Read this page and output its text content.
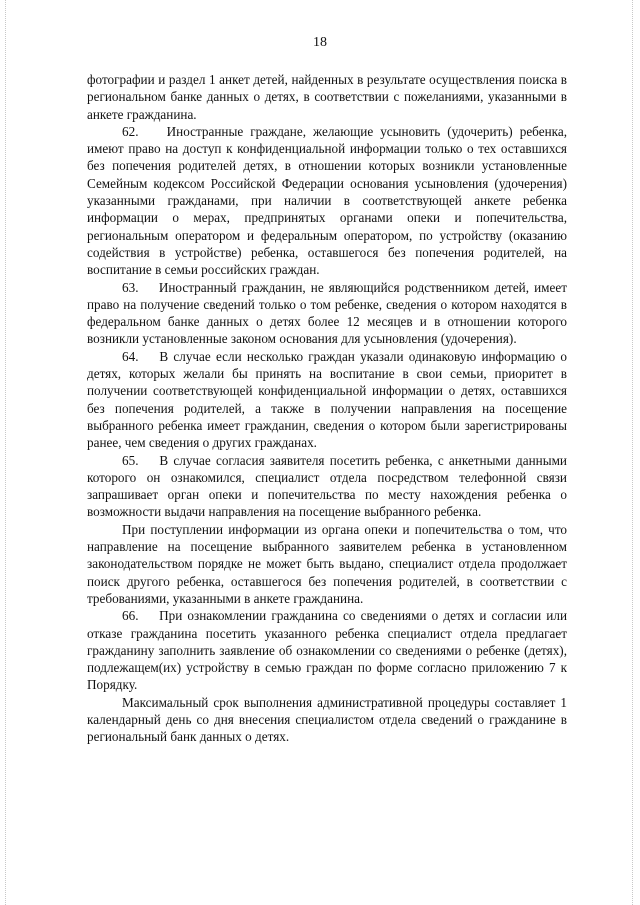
18

фотографии и раздел 1 анкет детей, найденных в результате осуществления поиска в региональном банке данных о детях, в соответствии с пожеланиями, указанными в анкете гражданина.

62.    Иностранные граждане, желающие усыновить (удочерить) ребенка, имеют право на доступ к конфиденциальной информации только о тех оставшихся без попечения родителей детях, в отношении которых возникли установленные Семейным кодексом Российской Федерации основания усыновления (удочерения) указанными гражданами, при наличии в соответствующей анкете ребенка информации о мерах, предпринятых органами опеки и попечительства, региональным оператором и федеральным оператором, по устройству (оказанию содействия в устройстве) ребенка, оставшегося без попечения родителей, на воспитание в семьи российских граждан.

63.    Иностранный гражданин, не являющийся родственником детей, имеет право на получение сведений только о том ребенке, сведения о котором находятся в федеральном банке данных о детях более 12 месяцев и в отношении которого возникли установленные законом основания для усыновления (удочерения).

64.    В случае если несколько граждан указали одинаковую информацию о детях, которых желали бы принять на воспитание в свои семьи, приоритет в получении соответствующей конфиденциальной информации о детях, оставшихся без попечения родителей, а также в получении направления на посещение выбранного ребенка имеет гражданин, сведения о котором были зарегистрированы ранее, чем сведения о других гражданах.

65.    В случае согласия заявителя посетить ребенка, с анкетными данными которого он ознакомился, специалист отдела посредством телефонной связи запрашивает орган опеки и попечительства по месту нахождения ребенка о возможности выдачи направления на посещение выбранного ребенка.

При поступлении информации из органа опеки и попечительства о том, что направление на посещение выбранного заявителем ребенка в установленном законодательством порядке не может быть выдано, специалист отдела продолжает поиск другого ребенка, оставшегося без попечения родителей, в соответствии с требованиями, указанными в анкете гражданина.

66.    При ознакомлении гражданина со сведениями о детях и согласии или отказе гражданина посетить указанного ребенка специалист отдела предлагает гражданину заполнить заявление об ознакомлении со сведениями о ребенке (детях), подлежащем(их) устройству в семью граждан по форме согласно приложению 7 к Порядку.

Максимальный срок выполнения административной процедуры составляет 1 календарный день со дня внесения специалистом отдела сведений о гражданине в региональный банк данных о детях.
